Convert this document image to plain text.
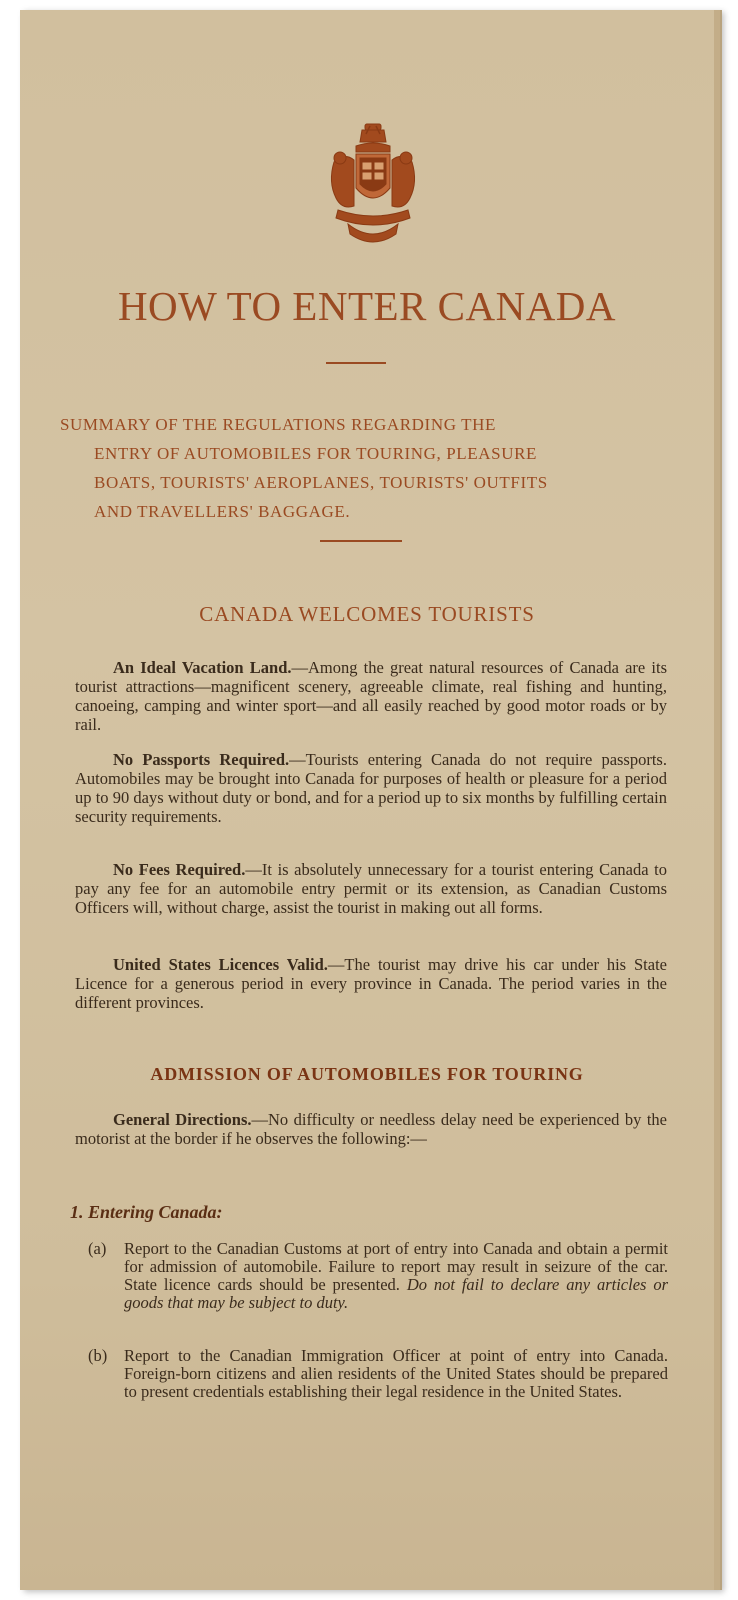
HOW TO ENTER CANADA
SUMMARY OF THE REGULATIONS REGARDING THE
ENTRY OF AUTOMOBILES FOR TOURING, PLEASURE
BOATS, TOURISTS' AEROPLANES, TOURISTS' OUTFITS
AND TRAVELLERS' BAGGAGE.
CANADA WELCOMES TOURISTS
An Ideal Vacation Land.—Among the great natural resources of Canada are its tourist attractions—magnificent scenery, agreeable climate, real fishing and hunting, canoeing, camping and winter sport—and all easily reached by good motor roads or by rail.
No Passports Required.—Tourists entering Canada do not require passports. Automobiles may be brought into Canada for purposes of health or pleasure for a period up to 90 days without duty or bond, and for a period up to six months by fulfilling certain security requirements.
No Fees Required.—It is absolutely unnecessary for a tourist entering Canada to pay any fee for an automobile entry permit or its extension, as Canadian Customs Officers will, without charge, assist the tourist in making out all forms.
United States Licences Valid.—The tourist may drive his car under his State Licence for a generous period in every province in Canada. The period varies in the different provinces.
ADMISSION OF AUTOMOBILES FOR TOURING
General Directions.—No difficulty or needless delay need be experienced by the motorist at the border if he observes the following:—
1. Entering Canada:
(a) Report to the Canadian Customs at port of entry into Canada and obtain a permit for admission of automobile. Failure to report may result in seizure of the car. State licence cards should be presented. Do not fail to declare any articles or goods that may be subject to duty.
(b) Report to the Canadian Immigration Officer at point of entry into Canada. Foreign-born citizens and alien residents of the United States should be prepared to present credentials establishing their legal residence in the United States.
